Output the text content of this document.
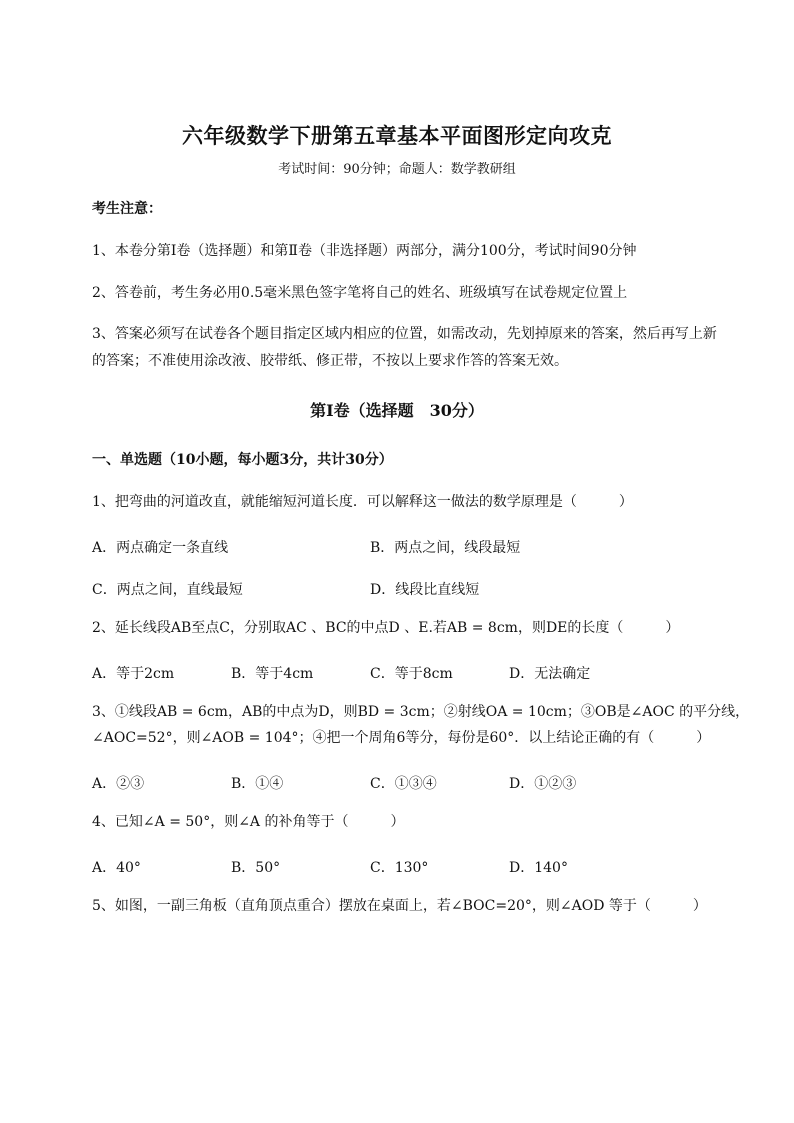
六年级数学下册第五章基本平面图形定向攻克
考试时间：90分钟；命题人：数学教研组
考生注意：
1、本卷分第Ⅰ卷（选择题）和第Ⅱ卷（非选择题）两部分，满分100分，考试时间90分钟
2、答卷前，考生务必用0.5毫米黑色签字笔将自己的姓名、班级填写在试卷规定位置上
3、答案必须写在试卷各个题目指定区域内相应的位置，如需改动，先划掉原来的答案，然后再写上新
的答案；不准使用涂改液、胶带纸、修正带，不按以上要求作答的答案无效。
第Ⅰ卷（选择题　30分）
一、单选题（10小题，每小题3分，共计30分）
1、把弯曲的河道改直，就能缩短河道长度．可以解释这一做法的数学原理是（　　　）
A．两点确定一条直线	B．两点之间，线段最短
C．两点之间，直线最短	D．线段比直线短
2、延长线段AB至点C，分别取AC 、BC的中点D 、E.若AB = 8cm，则DE的长度（　　　）
A．等于2cm	B．等于4cm	C．等于8cm	D．无法确定
3、①线段AB = 6cm，AB的中点为D，则BD = 3cm；②射线OA = 10cm；③OB是∠AOC 的平分线，
∠AOC=52°，则∠AOB = 104°；④把一个周角6等分，每份是60°．以上结论正确的有（　　　）
A．②③	B．①④	C．①③④	D．①②③
4、已知∠A = 50°，则∠A 的补角等于（　　　）
A．40°	B．50°	C．130°	D．140°
5、如图，一副三角板（直角顶点重合）摆放在桌面上，若∠BOC=20°，则∠AOD 等于（　　　）
